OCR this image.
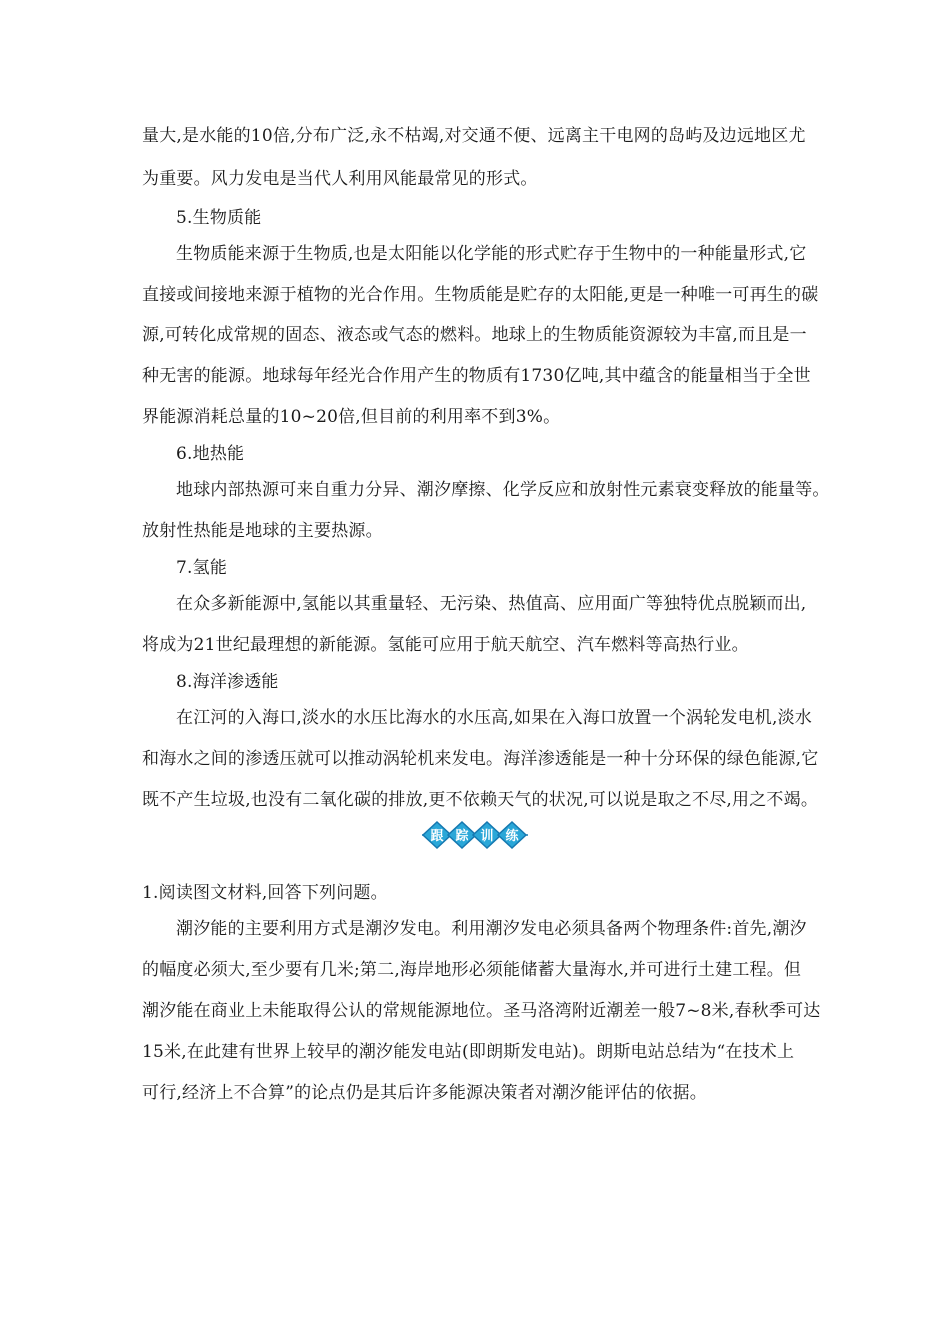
量大,是水能的10倍,分布广泛,永不枯竭,对交通不便、远离主干电网的岛屿及边远地区尤
为重要。风力发电是当代人利用风能最常见的形式。
5.生物质能
生物质能来源于生物质,也是太阳能以化学能的形式贮存于生物中的一种能量形式,它
直接或间接地来源于植物的光合作用。生物质能是贮存的太阳能,更是一种唯一可再生的碳
源,可转化成常规的固态、液态或气态的燃料。地球上的生物质能资源较为丰富,而且是一
种无害的能源。地球每年经光合作用产生的物质有1730亿吨,其中蕴含的能量相当于全世
界能源消耗总量的10~20倍,但目前的利用率不到3%。
6.地热能
地球内部热源可来自重力分异、潮汐摩擦、化学反应和放射性元素衰变释放的能量等。
放射性热能是地球的主要热源。
7.氢能
在众多新能源中,氢能以其重量轻、无污染、热值高、应用面广等独特优点脱颖而出,
将成为21世纪最理想的新能源。氢能可应用于航天航空、汽车燃料等高热行业。
8.海洋渗透能
在江河的入海口,淡水的水压比海水的水压高,如果在入海口放置一个涡轮发电机,淡水
和海水之间的渗透压就可以推动涡轮机来发电。海洋渗透能是一种十分环保的绿色能源,它
既不产生垃圾,也没有二氧化碳的排放,更不依赖天气的状况,可以说是取之不尽,用之不竭。
跟 踪 训 练
1.阅读图文材料,回答下列问题。
潮汐能的主要利用方式是潮汐发电。利用潮汐发电必须具备两个物理条件:首先,潮汐
的幅度必须大,至少要有几米;第二,海岸地形必须能储蓄大量海水,并可进行土建工程。但
潮汐能在商业上未能取得公认的常规能源地位。圣马洛湾附近潮差一般7~8米,春秋季可达
15米,在此建有世界上较早的潮汐能发电站(即朗斯发电站)。朗斯电站总结为“在技术上
可行,经济上不合算”的论点仍是其后许多能源决策者对潮汐能评估的依据。
